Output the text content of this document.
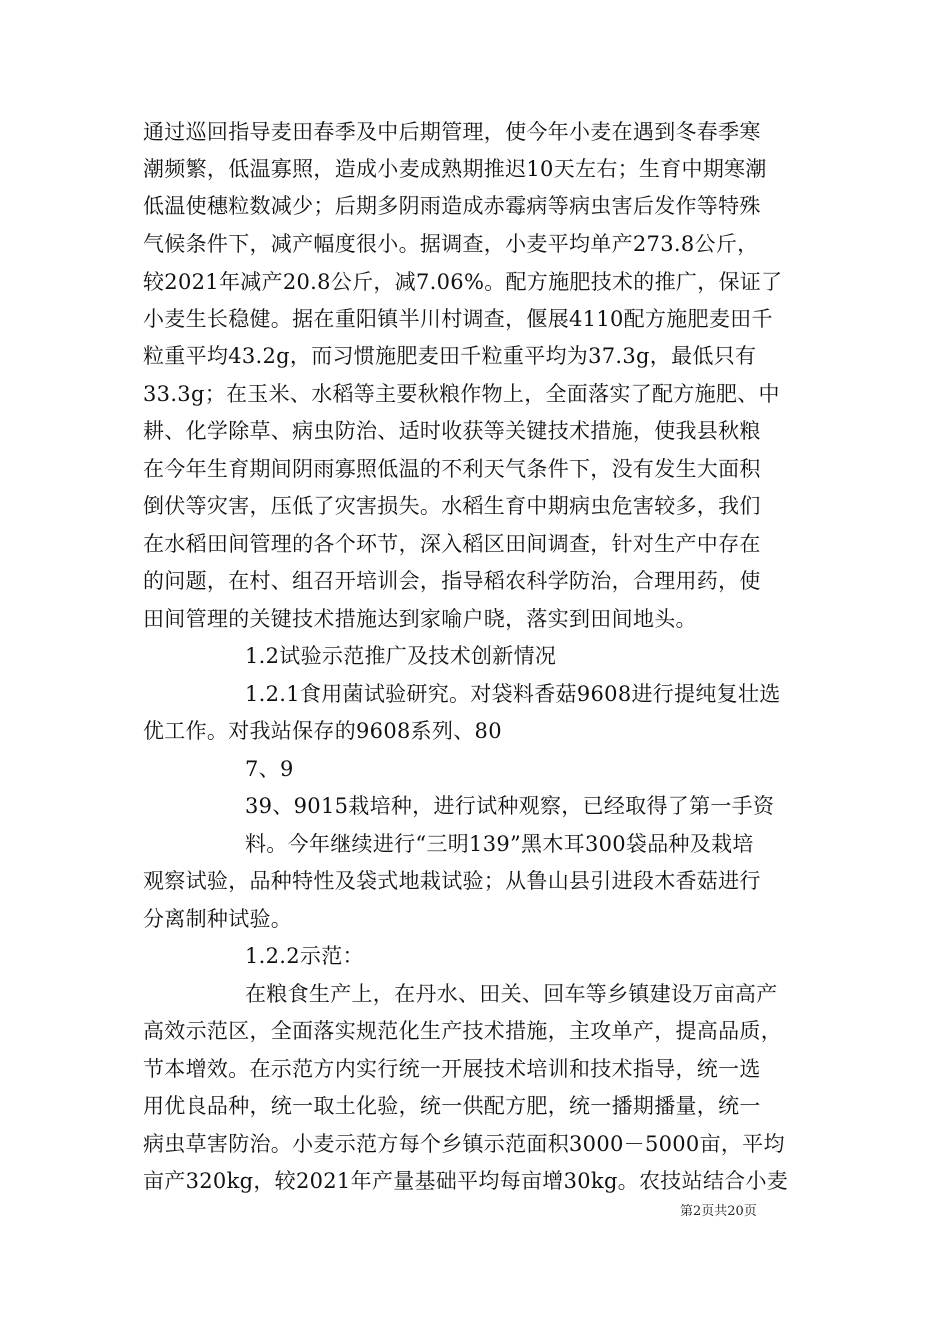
通过巡回指导麦田春季及中后期管理，使今年小麦在遇到冬春季寒
潮频繁，低温寡照，造成小麦成熟期推迟10天左右；生育中期寒潮
低温使穗粒数减少；后期多阴雨造成赤霉病等病虫害后发作等特殊
气候条件下，减产幅度很小。据调查，小麦平均单产273.8公斤，
较2021年减产20.8公斤，减7.06%。配方施肥技术的推广，保证了
小麦生长稳健。据在重阳镇半川村调查，偃展4110配方施肥麦田千
粒重平均43.2g，而习惯施肥麦田千粒重平均为37.3g，最低只有
33.3g；在玉米、水稻等主要秋粮作物上，全面落实了配方施肥、中
耕、化学除草、病虫防治、适时收获等关键技术措施，使我县秋粮
在今年生育期间阴雨寡照低温的不利天气条件下，没有发生大面积
倒伏等灾害，压低了灾害损失。水稻生育中期病虫危害较多，我们
在水稻田间管理的各个环节，深入稻区田间调查，针对生产中存在
的问题，在村、组召开培训会，指导稻农科学防治，合理用药，使
田间管理的关键技术措施达到家喻户晓，落实到田间地头。
1.2试验示范推广及技术创新情况
1.2.1食用菌试验研究。对袋料香菇9608进行提纯复壮选
优工作。对我站保存的9608系列、80
7、9
39、9015栽培种，进行试种观察，已经取得了第一手资
料。今年继续进行“三明139”黑木耳300袋品种及栽培
观察试验，品种特性及袋式地栽试验；从鲁山县引进段木香菇进行
分离制种试验。
1.2.2示范：
在粮食生产上，在丹水、田关、回车等乡镇建设万亩高产
高效示范区，全面落实规范化生产技术措施，主攻单产，提高品质，
节本增效。在示范方内实行统一开展技术培训和技术指导，统一选
用优良品种，统一取土化验，统一供配方肥，统一播期播量，统一
病虫草害防治。小麦示范方每个乡镇示范面积3000－5000亩，平均
亩产320kg，较2021年产量基础平均每亩增30kg。农技站结合小麦
第2页共20页
